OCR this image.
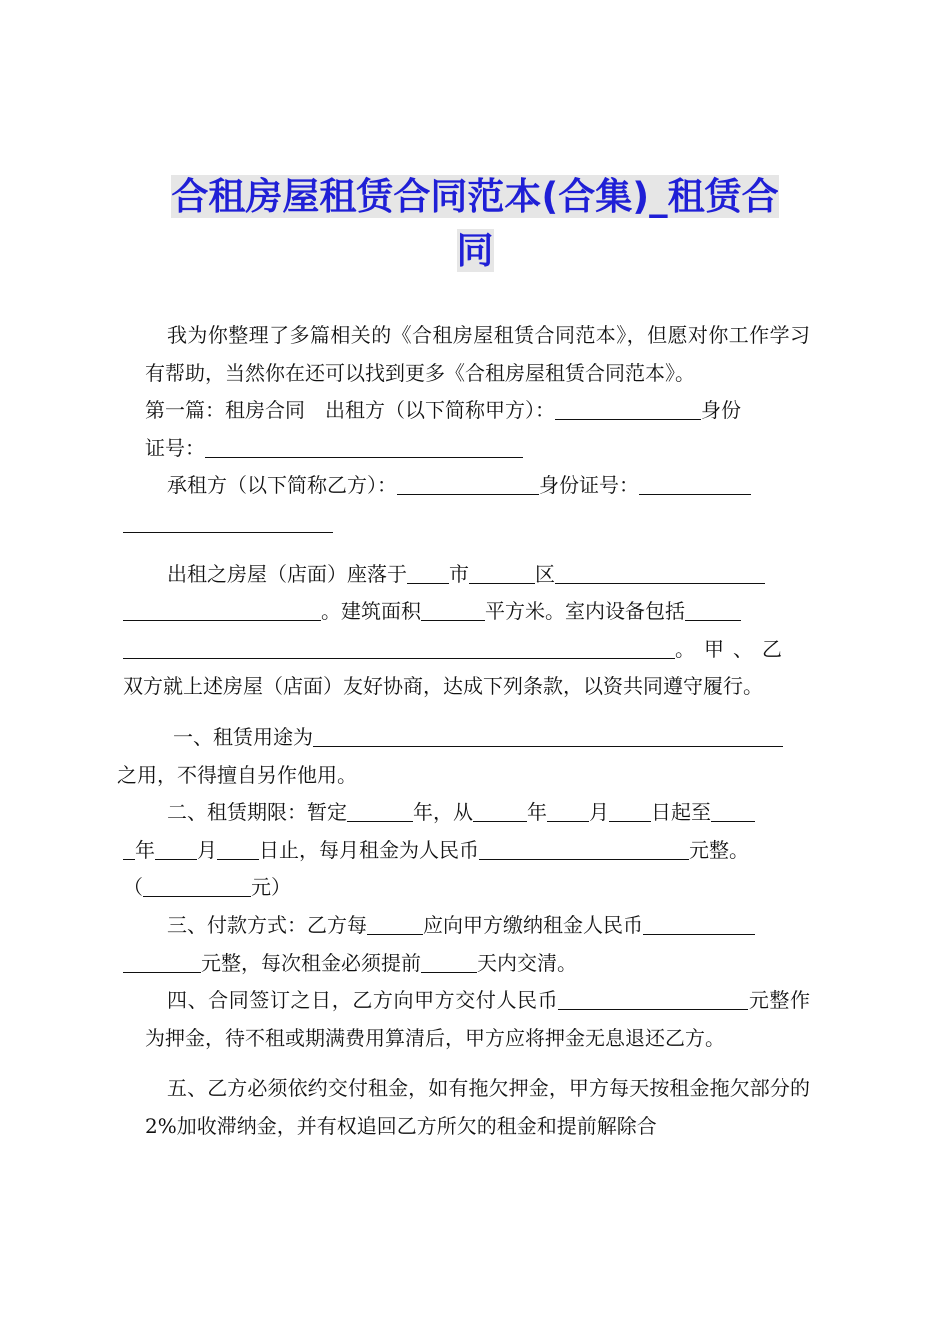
合租房屋租赁合同范本(合集)_租赁合
同

我为你整理了多篇相关的《合租房屋租赁合同范本》，但愿对你工作学习有帮助，当然你在还可以找到更多《合租房屋租赁合同范本》。

第一篇：租房合同　出租方（以下简称甲方）：	身份
证号：

承租方（以下简称乙方）：	身份证号：

出租之房屋（店面）座落于 市	区
。建筑面积	平方米。室内设备包括
。甲、乙
双方就上述房屋（店面）友好协商，达成下列条款，以资共同遵守履行。

一、租赁用途为
之用，不得擅自另作他用。

二、租赁期限：暂定	年，从	年 月 日起至
年 月 日止，每月租金为人民币	元整。
（	元）

三、付款方式：乙方每	应向甲方缴纳租金人民币
元整，每次租金必须提前	天内交清。

四、合同签订之日，乙方向甲方交付人民币	元整作为押金，待不租或期满费用算清后，甲方应将押金无息退还乙方。

五、乙方必须依约交付租金，如有拖欠押金，甲方每天按租金拖欠部分的 2%加收滞纳金，并有权追回乙方所欠的租金和提前解除合
